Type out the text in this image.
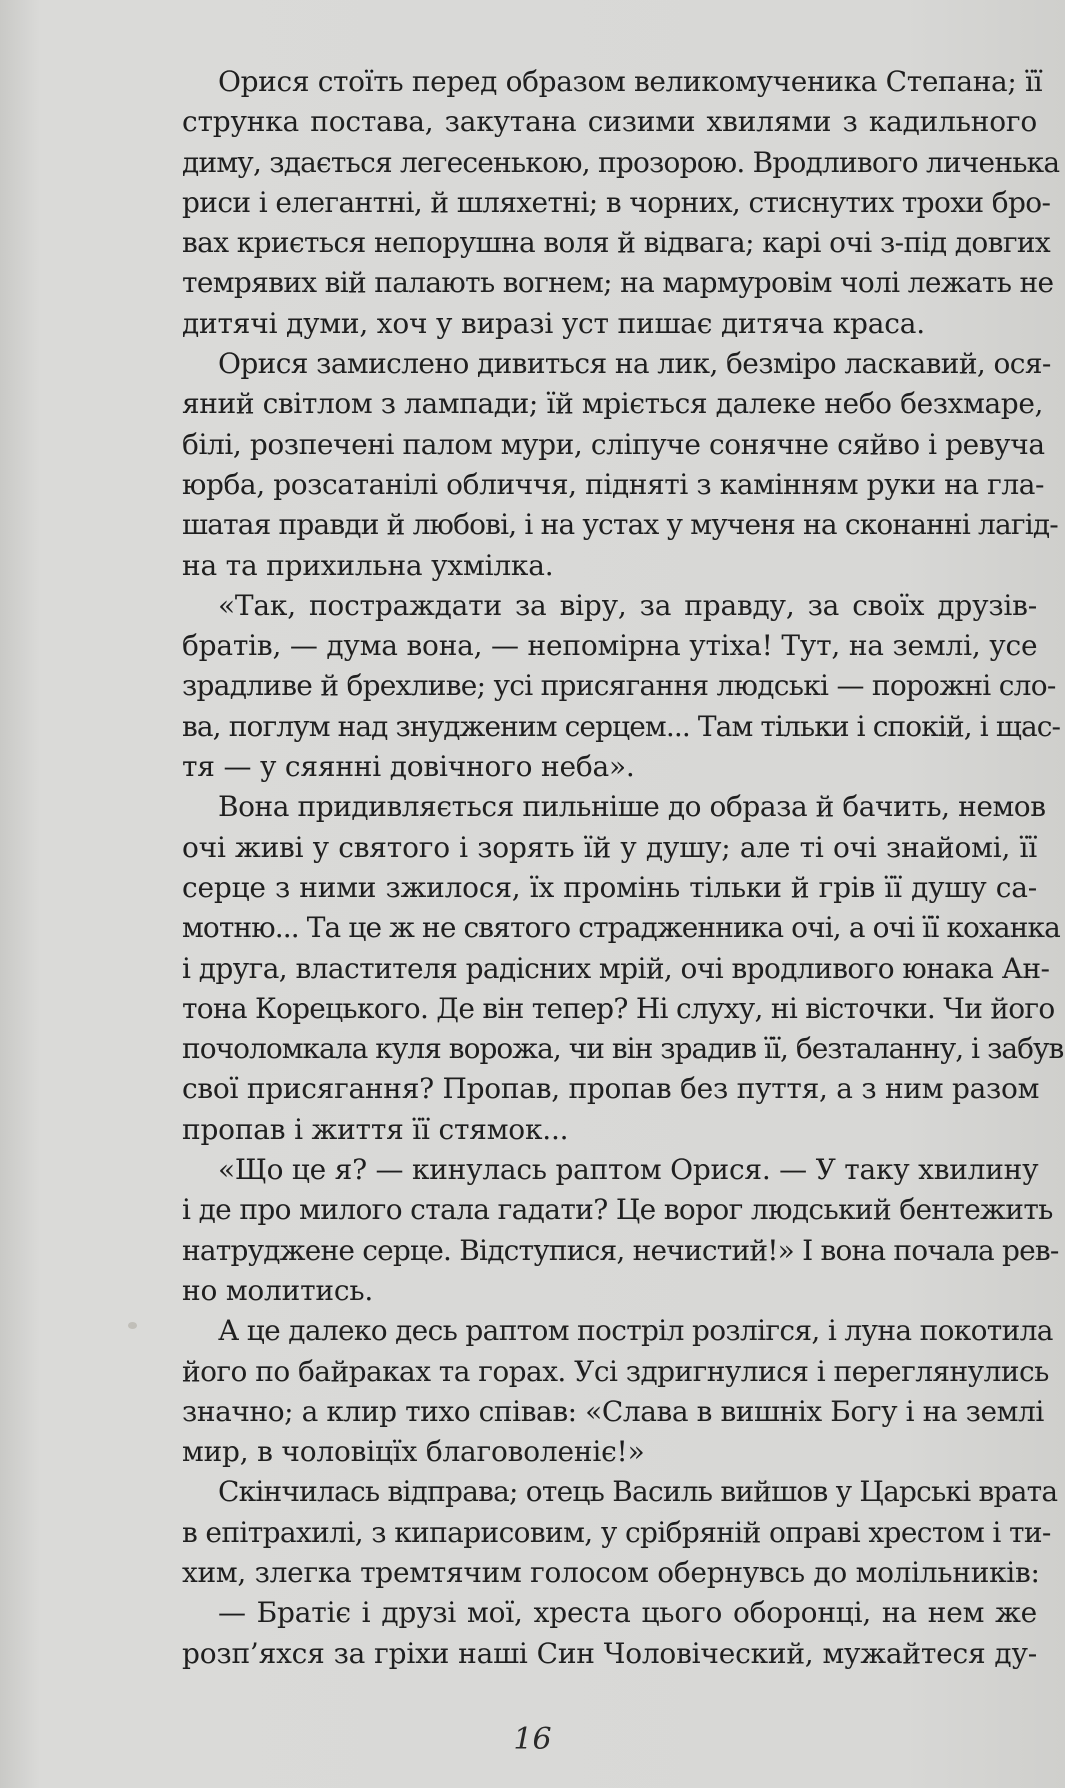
Орися стоїть перед образом великомученика Степана; її
струнка постава, закутана сизими хвилями з кадильного
диму, здається легесенькою, прозорою. Вродливого личенька
риси і елегантні, й шляхетні; в чорних, стиснутих трохи бро-
вах криється непорушна воля й відвага; карі очі з-під довгих
темрявих вій палають вогнем; на мармуровім чолі лежать не
дитячі думи, хоч у виразі уст пишає дитяча краса.

Орися замислено дивиться на лик, безміро ласкавий, ося-
яний світлом з лампади; їй мріється далеке небо безхмаре,
білі, розпечені палом мури, сліпуче сонячне сяйво і ревуча
юрба, розсатанілі обличчя, підняті з камінням руки на гла-
шатая правди й любові, і на устах у мученя на сконанні лагід-
на та прихильна ухмілка.

«Так, постраждати за віру, за правду, за своїх друзів-
братів, — дума вона, — непомірна утіха! Тут, на землі, усе
зрадливе й брехливе; усі присягання людські — порожні сло-
ва, поглум над знудженим серцем... Там тільки і спокій, і щас-
тя — у сяянні довічного неба».

Вона придивляється пильніше до образа й бачить, немов
очі живі у святого і зорять їй у душу; але ті очі знайомі, її
серце з ними зжилося, їх промінь тільки й грів її душу са-
мотню... Та це ж не святого страдженника очі, а очі її коханка
і друга, властителя радісних мрій, очі вродливого юнака Ан-
тона Корецького. Де він тепер? Ні слуху, ні вісточки. Чи його
почоломкала куля ворожа, чи він зрадив її, безталанну, і забув
свої присягання? Пропав, пропав без пуття, а з ним разом
пропав і життя її стямок...

«Що це я? — кинулась раптом Орися. — У таку хвилину
і де про милого стала гадати? Це ворог людський бентежить
натруджене серце. Відступися, нечистий!» І вона почала рев-
но молитись.

А це далеко десь раптом постріл розлігся, і луна покотила
його по байраках та горах. Усі здригнулися і переглянулись
значно; а клир тихо співав: «Слава в вишніх Богу і на землі
мир, в чоловіцїх благоволеніє!»

Скінчилась відправа; отець Василь вийшов у Царські врата
в епітрахилі, з кипарисовим, у срібряній оправі хрестом і ти-
хим, злегка тремтячим голосом обернувсь до молільників:

— Братіє і друзі мої, хреста цього оборонці, на нем же
розп’яхся за гріхи наші Син Чоловіческий, мужайтеся ду-

16
